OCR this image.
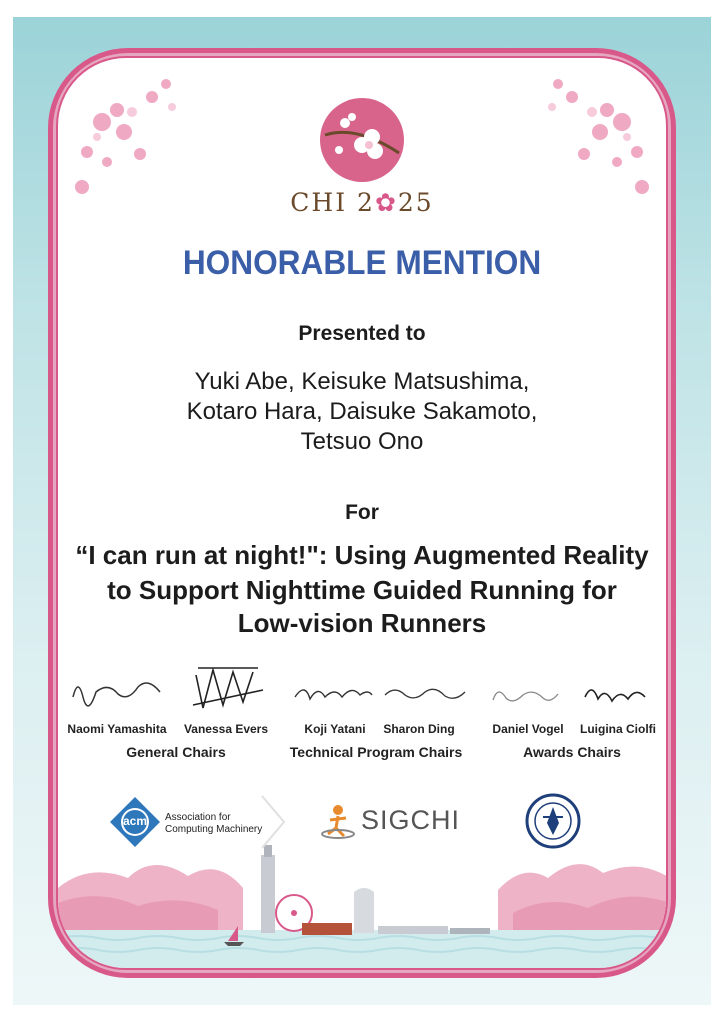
CHI 2✿25
HONORABLE MENTION
Presented to
Yuki Abe, Keisuke Matsushima,
Kotaro Hara, Daisuke Sakamoto,
Tetsuo Ono
For
“I can run at night!": Using Augmented Reality
to Support Nighttime Guided Running for
Low-vision Runners
Naomi Yamashita	Vanessa Evers	Koji Yatani	Sharon Ding	Daniel Vogel	Luigina Ciolfi
General Chairs	Technical Program Chairs	Awards Chairs
acm	Association for
Computing Machinery	SIGCHI
